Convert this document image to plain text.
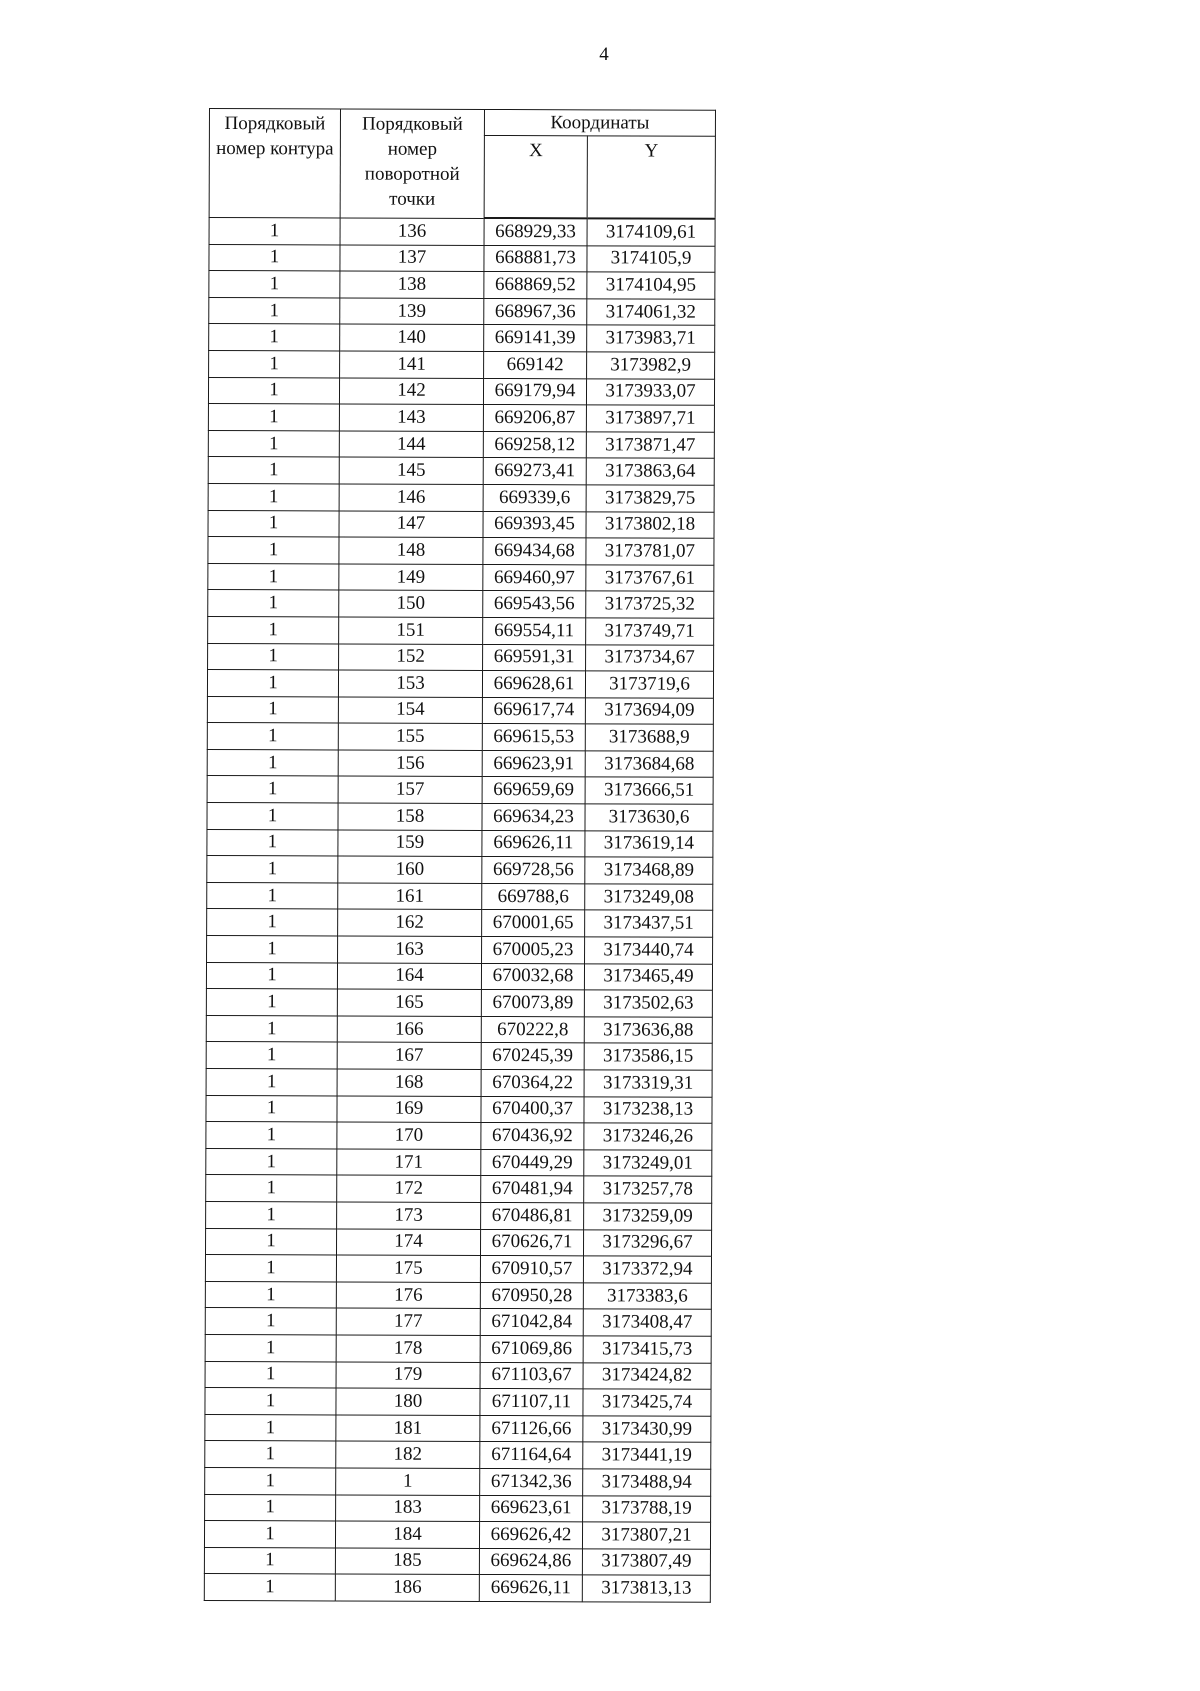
4
Порядковый номер контура	Порядковый номер поворотной точки	Координаты	
		X	Y
1	136	668929,33	3174109,61
1	137	668881,73	3174105,9
1	138	668869,52	3174104,95
1	139	668967,36	3174061,32
1	140	669141,39	3173983,71
1	141	669142	3173982,9
1	142	669179,94	3173933,07
1	143	669206,87	3173897,71
1	144	669258,12	3173871,47
1	145	669273,41	3173863,64
1	146	669339,6	3173829,75
1	147	669393,45	3173802,18
1	148	669434,68	3173781,07
1	149	669460,97	3173767,61
1	150	669543,56	3173725,32
1	151	669554,11	3173749,71
1	152	669591,31	3173734,67
1	153	669628,61	3173719,6
1	154	669617,74	3173694,09
1	155	669615,53	3173688,9
1	156	669623,91	3173684,68
1	157	669659,69	3173666,51
1	158	669634,23	3173630,6
1	159	669626,11	3173619,14
1	160	669728,56	3173468,89
1	161	669788,6	3173249,08
1	162	670001,65	3173437,51
1	163	670005,23	3173440,74
1	164	670032,68	3173465,49
1	165	670073,89	3173502,63
1	166	670222,8	3173636,88
1	167	670245,39	3173586,15
1	168	670364,22	3173319,31
1	169	670400,37	3173238,13
1	170	670436,92	3173246,26
1	171	670449,29	3173249,01
1	172	670481,94	3173257,78
1	173	670486,81	3173259,09
1	174	670626,71	3173296,67
1	175	670910,57	3173372,94
1	176	670950,28	3173383,6
1	177	671042,84	3173408,47
1	178	671069,86	3173415,73
1	179	671103,67	3173424,82
1	180	671107,11	3173425,74
1	181	671126,66	3173430,99
1	182	671164,64	3173441,19
1	1	671342,36	3173488,94
1	183	669623,61	3173788,19
1	184	669626,42	3173807,21
1	185	669624,86	3173807,49
1	186	669626,11	3173813,13
